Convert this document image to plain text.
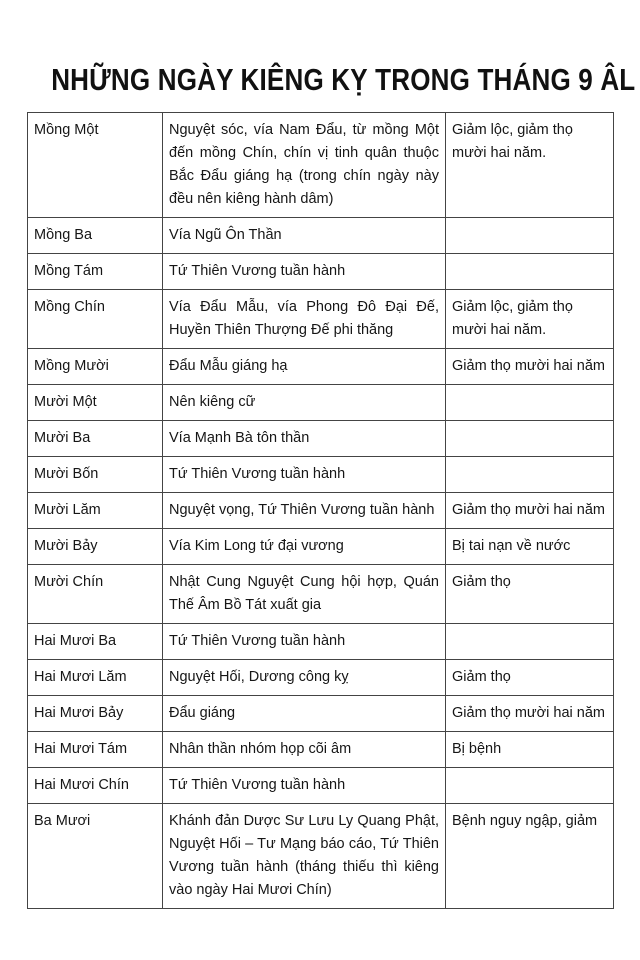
NHỮNG NGÀY KIÊNG KỴ TRONG THÁNG 9 ÂL
Mồng Một	Nguyệt sóc, vía Nam Đẩu, từ mồng Một đến mồng Chín, chín vị tinh quân thuộc Bắc Đẩu giáng hạ (trong chín ngày này đều nên kiêng hành dâm)	Giảm lộc, giảm thọ mười hai năm.
Mồng Ba	Vía Ngũ Ôn Thần	
Mồng Tám	Tứ Thiên Vương tuần hành	
Mồng Chín	Vía Đẩu Mẫu, vía Phong Đô Đại Đế, Huyền Thiên Thượng Đế phi thăng	Giảm lộc, giảm thọ mười hai năm.
Mồng Mười	Đẩu Mẫu giáng hạ	Giảm thọ mười hai năm
Mười Một	Nên kiêng cữ	
Mười Ba	Vía Mạnh Bà tôn thần	
Mười Bốn	Tứ Thiên Vương tuần hành	
Mười Lăm	Nguyệt vọng, Tứ Thiên Vương tuần hành	Giảm thọ mười hai năm
Mười Bảy	Vía Kim Long tứ đại vương	Bị tai nạn về nước
Mười Chín	Nhật Cung Nguyệt Cung hội hợp, Quán Thế Âm Bồ Tát xuất gia	Giảm thọ
Hai Mươi Ba	Tứ Thiên Vương tuần hành	
Hai Mươi Lăm	Nguyệt Hối, Dương công kỵ	Giảm thọ
Hai Mươi Bảy	Đẩu giáng	Giảm thọ mười hai năm
Hai Mươi Tám	Nhân thần nhóm họp cõi âm	Bị bệnh
Hai Mươi Chín	Tứ Thiên Vương tuần hành	
Ba Mươi	Khánh đản Dược Sư Lưu Ly Quang Phật, Nguyệt Hối – Tư Mạng báo cáo, Tứ Thiên Vương tuần hành (tháng thiếu thì kiêng vào ngày Hai Mươi Chín)	Bệnh nguy ngập, giảm
